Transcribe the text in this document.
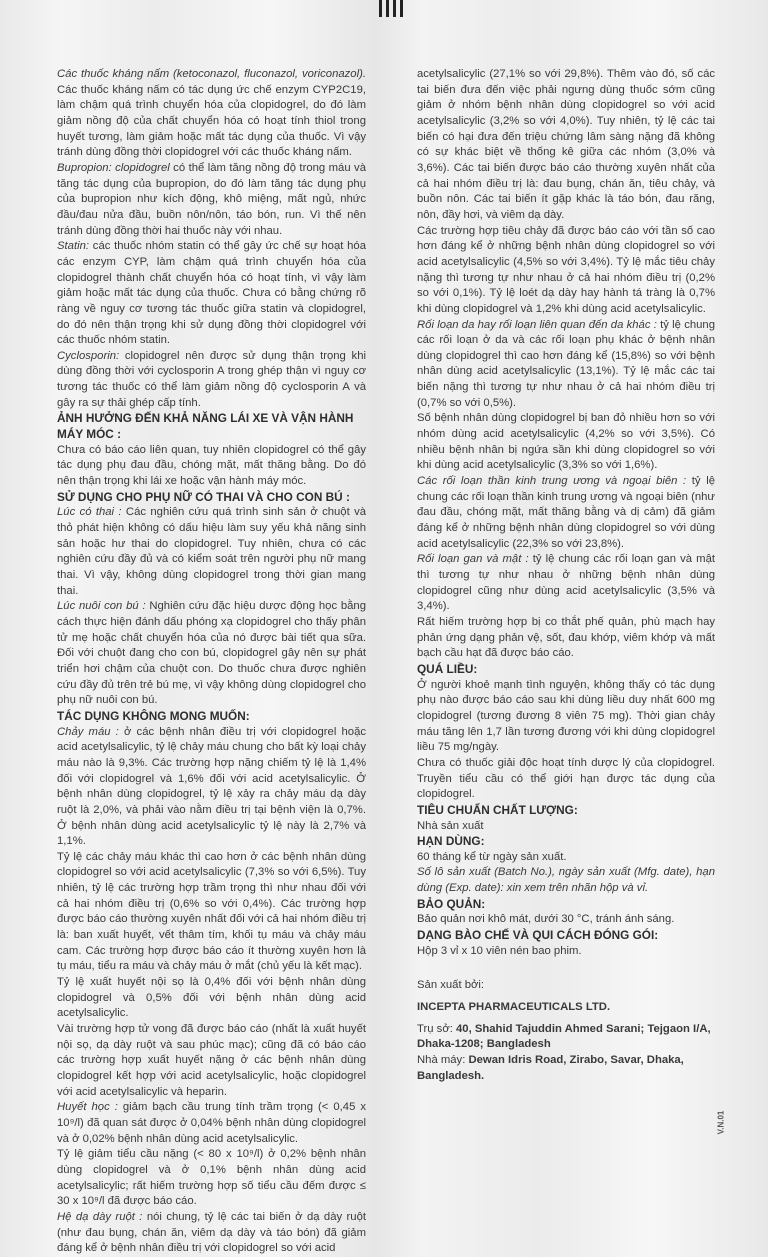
Các thuốc kháng nấm (ketoconazol, fluconazol, voriconazol). Các thuốc kháng nấm có tác dụng ức chế enzym CYP2C19, làm chậm quá trình chuyển hóa của clopidogrel, do đó làm giảm nồng độ của chất chuyển hóa có hoạt tính thiol trong huyết tương, làm giảm hoặc mất tác dụng của thuốc. Vì vậy tránh dùng đồng thời clopidogrel với các thuốc kháng nấm.

Bupropion: clopidogrel có thể làm tăng nồng độ trong máu và tăng tác dụng của bupropion, do đó làm tăng tác dụng phụ của bupropion như kích động, khô miệng, mất ngủ, nhức đầu/đau nửa đầu, buồn nôn/nôn, táo bón, run. Vì thế nên tránh dùng đồng thời hai thuốc này với nhau.

Statin: các thuốc nhóm statin có thể gây ức chế sự hoạt hóa các enzym CYP, làm chậm quá trình chuyển hóa của clopidogrel thành chất chuyển hóa có hoạt tính, vì vậy làm giảm hoặc mất tác dụng của thuốc. Chưa có bằng chứng rõ ràng về nguy cơ tương tác thuốc giữa statin và clopidogrel, do đó nên thận trọng khi sử dụng đồng thời clopidogrel với các thuốc nhóm statin.

Cyclosporin: clopidogrel nên được sử dụng thận trọng khi dùng đồng thời với cyclosporin A trong ghép thận vì nguy cơ tương tác thuốc có thể làm giảm nồng độ cyclosporin A và gây ra sự thải ghép cấp tính.

ẢNH HƯỞNG ĐẾN KHẢ NĂNG LÁI XE VÀ VẬN HÀNH MÁY MÓC :

Chưa có báo cáo liên quan, tuy nhiên clopidogrel có thể gây tác dụng phụ đau đầu, chóng mặt, mất thăng bằng. Do đó nên thận trọng khi lái xe hoặc vận hành máy móc.

SỬ DỤNG CHO PHỤ NỮ CÓ THAI VÀ CHO CON BÚ :

Lúc có thai : Các nghiên cứu quá trình sinh sản ở chuột và thỏ phát hiện không có dấu hiệu làm suy yếu khả năng sinh sản hoặc hư thai do clopidogrel. Tuy nhiên, chưa có các nghiên cứu đầy đủ và có kiểm soát trên người phụ nữ mang thai. Vì vậy, không dùng clopidogrel trong thời gian mang thai.

Lúc nuôi con bú : Nghiên cứu đặc hiệu dược động học bằng cách thực hiện đánh dấu phóng xạ clopidogrel cho thấy phân tử mẹ hoặc chất chuyển hóa của nó được bài tiết qua sữa. Đối với chuột đang cho con bú, clopidogrel gây nên sự phát triển hơi chậm của chuột con. Do thuốc chưa được nghiên cứu đầy đủ trên trẻ bú mẹ, vì vậy không dùng clopidogrel cho phụ nữ nuôi con bú.

TÁC DỤNG KHÔNG MONG MUỐN:

Chảy máu : ở các bệnh nhân điều trị với clopidogrel hoặc acid acetylsalicylic, tỷ lệ chảy máu chung cho bất kỳ loại chảy máu nào là 9,3%. Các trường hợp nặng chiếm tỷ lệ là 1,4% đối với clopidogrel và 1,6% đối với acid acetylsalicylic. Ở bệnh nhân dùng clopidogrel, tỷ lệ xảy ra chảy máu dạ dày ruột là 2,0%, và phải vào nằm điều trị tại bệnh viện là 0,7%. Ở bệnh nhân dùng acid acetylsalicylic tỷ lệ này là 2,7% và 1,1%.

Tỷ lệ các chảy máu khác thì cao hơn ở các bệnh nhân dùng clopidogrel so với acid acetylsalicylic (7,3% so với 6,5%). Tuy nhiên, tỷ lệ các trường hợp trầm trọng thì như nhau đối với cả hai nhóm điều trị (0,6% so với 0,4%). Các trường hợp được báo cáo thường xuyên nhất đối với cả hai nhóm điều trị là: ban xuất huyết, vết thâm tím, khối tụ máu và chảy máu cam. Các trường hợp được báo cáo ít thường xuyên hơn là tụ máu, tiểu ra máu và chảy máu ở mắt (chủ yếu là kết mạc).

Tỷ lệ xuất huyết nội sọ là 0,4% đối với bệnh nhân dùng clopidogrel và 0,5% đối với bệnh nhân dùng acid acetylsalicylic.

Vài trường hợp tử vong đã được báo cáo (nhất là xuất huyết nội sọ, dạ dày ruột và sau phúc mạc); cũng đã có báo cáo các trường hợp xuất huyết nặng ở các bệnh nhân dùng clopidogrel kết hợp với acid acetylsalicylic, hoặc clopidogrel với acid acetylsalicylic và heparin.

Huyết học : giảm bạch cầu trung tính trầm trọng (< 0,45 x 10⁹/l) đã quan sát được ở 0,04% bệnh nhân dùng clopidogrel và ở 0,02% bệnh nhân dùng acid acetylsalicylic.

Tỷ lệ giảm tiểu cầu nặng (< 80 x 10⁹/l) ở 0,2% bệnh nhân dùng clopidogrel và ở 0,1% bệnh nhân dùng acid acetylsalicylic; rất hiếm trường hợp số tiểu cầu đếm được ≤ 30 x 10⁹/l đã được báo cáo.

Hệ dạ dày ruột : nói chung, tỷ lệ các tai biến ở dạ dày ruột (như đau bụng, chán ăn, viêm dạ dày và táo bón) đã giảm đáng kể ở bệnh nhân điều trị với clopidogrel so với acid

acetylsalicylic (27,1% so với 29,8%). Thêm vào đó, số các tai biến đưa đến việc phải ngưng dùng thuốc sớm cũng giảm ở nhóm bệnh nhân dùng clopidogrel so với acid acetylsalicylic (3,2% so với 4,0%). Tuy nhiên, tỷ lệ các tai biến có hại đưa đến triệu chứng lâm sàng nặng đã không có sự khác biệt về thống kê giữa các nhóm (3,0% và 3,6%). Các tai biến được báo cáo thường xuyên nhất của cả hai nhóm điều trị là: đau bụng, chán ăn, tiêu chảy, và buồn nôn. Các tai biến ít gặp khác là táo bón, đau răng, nôn, đầy hơi, và viêm dạ dày.

Các trường hợp tiêu chảy đã được báo cáo với tần số cao hơn đáng kể ở những bệnh nhân dùng clopidogrel so với acid acetylsalicylic (4,5% so với 3,4%). Tỷ lệ mắc tiêu chảy nặng thì tương tự như nhau ở cả hai nhóm điều trị (0,2% so với 0,1%). Tỷ lệ loét dạ dày hay hành tá tràng là 0,7% khi dùng clopidogrel và 1,2% khi dùng acid acetylsalicylic.

Rối loạn da hay rối loạn liên quan đến da khác : tỷ lệ chung các rối loạn ở da và các rối loạn phụ khác ở bệnh nhân dùng clopidogrel thì cao hơn đáng kể (15,8%) so với bệnh nhân dùng acid acetylsalicylic (13,1%). Tỷ lệ mắc các tai biến nặng thì tương tự như nhau ở cả hai nhóm điều trị (0,7% so với 0,5%).

Số bệnh nhân dùng clopidogrel bị ban đỏ nhiều hơn so với nhóm dùng acid acetylsalicylic (4,2% so với 3,5%). Có nhiều bệnh nhân bị ngứa sần khi dùng clopidogrel so với khi dùng acid acetylsalicylic (3,3% so với 1,6%).

Các rối loạn thần kinh trung ương và ngoại biên : tỷ lệ chung các rối loạn thần kinh trung ương và ngoại biên (như đau đầu, chóng mặt, mất thăng bằng và dị cảm) đã giảm đáng kể ở những bệnh nhân dùng clopidogrel so với dùng acid acetylsalicylic (22,3% so với 23,8%).

Rối loạn gan và mật : tỷ lệ chung các rối loạn gan và mật thì tương tự như nhau ở những bệnh nhân dùng clopidogrel cũng như dùng acid acetylsalicylic (3,5% và 3,4%).

Rất hiếm trường hợp bị co thắt phế quản, phù mạch hay phản ứng dạng phản vệ, sốt, đau khớp, viêm khớp và mất bạch cầu hạt đã được báo cáo.

QUÁ LIỀU:

Ở người khoẻ mạnh tình nguyện, không thấy có tác dụng phụ nào được báo cáo sau khi dùng liều duy nhất 600 mg clopidogrel (tương đương 8 viên 75 mg). Thời gian chảy máu tăng lên 1,7 lần tương đương với khi dùng clopidogrel liều 75 mg/ngày.

Chưa có thuốc giải độc hoạt tính dược lý của clopidogrel. Truyền tiểu cầu có thể giới hạn được tác dụng của clopidogrel.

TIÊU CHUẨN CHẤT LƯỢNG:

Nhà sản xuất

HẠN DÙNG:

60 tháng kể từ ngày sản xuất.

Số lô sản xuất (Batch No.), ngày sản xuất (Mfg. date), hạn dùng (Exp. date): xin xem trên nhãn hộp và vỉ.

BẢO QUẢN:

Bảo quản nơi khô mát, dưới 30 °C, tránh ánh sáng.

DẠNG BÀO CHẾ VÀ QUI CÁCH ĐÓNG GÓI:

Hộp 3 vỉ x 10 viên nén bao phim.

Sản xuất bởi:

INCEPTA PHARMACEUTICALS LTD.

Trụ sở: 40, Shahid Tajuddin Ahmed Sarani; Tejgaon I/A, Dhaka-1208; Bangladesh

Nhà máy: Dewan Idris Road, Zirabo, Savar, Dhaka, Bangladesh.

V.N.01
